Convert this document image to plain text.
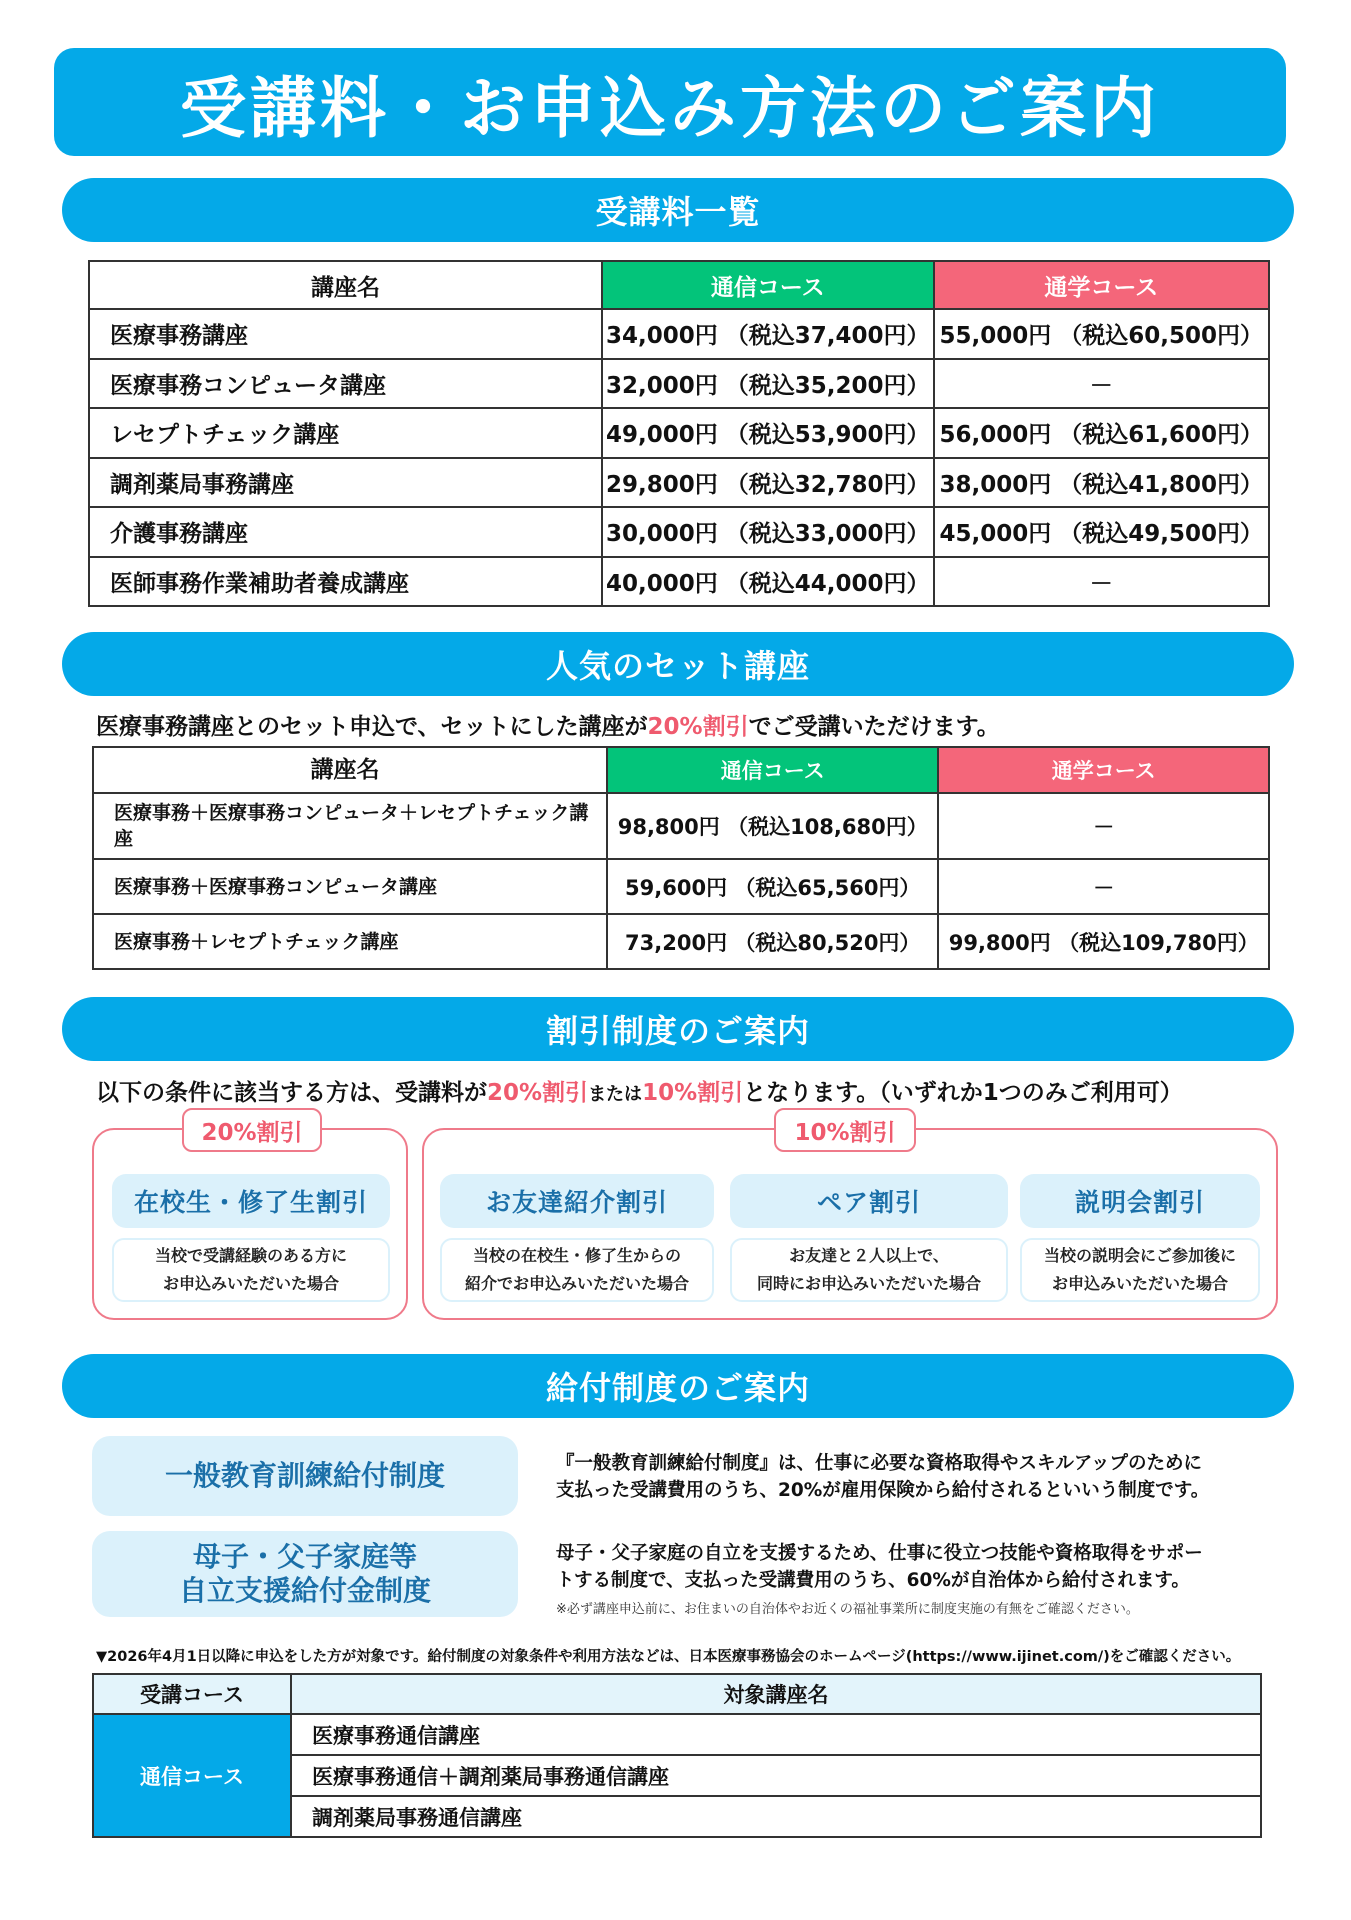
受講料・お申込み方法のご案内
受講料一覧
講座名	通信コース	通学コース
医療事務講座	34,000円 （税込37,400円）	55,000円 （税込60,500円）
医療事務コンピュータ講座	32,000円 （税込35,200円）	－
レセプトチェック講座	49,000円 （税込53,900円）	56,000円 （税込61,600円）
調剤薬局事務講座	29,800円 （税込32,780円）	38,000円 （税込41,800円）
介護事務講座	30,000円 （税込33,000円）	45,000円 （税込49,500円）
医師事務作業補助者養成講座	40,000円 （税込44,000円）	－
人気のセット講座
医療事務講座とのセット申込で、セットにした講座が20%割引でご受講いただけます。
講座名	通信コース	通学コース
医療事務＋医療事務コンピュータ＋レセプトチェック講座	98,800円 （税込108,680円）	－
医療事務＋医療事務コンピュータ講座	59,600円 （税込65,560円）	－
医療事務＋レセプトチェック講座	73,200円 （税込80,520円）	99,800円 （税込109,780円）
割引制度のご案内
以下の条件に該当する方は、受講料が20%割引または10%割引となります。（いずれか1つのみご利用可）
20%割引
在校生・修了生割引
当校で受講経験のある方に
お申込みいただいた場合
10%割引
お友達紹介割引
当校の在校生・修了生からの
紹介でお申込みいただいた場合
ペア割引
お友達と２人以上で、
同時にお申込みいただいた場合
説明会割引
当校の説明会にご参加後に
お申込みいただいた場合
給付制度のご案内
一般教育訓練給付制度	『一般教育訓練給付制度』は、仕事に必要な資格取得やスキルアップのために
支払った受講費用のうち、20%が雇用保険から給付されるといいう制度です。
母子・父子家庭等
自立支援給付金制度
母子・父子家庭の自立を支援するため、仕事に役立つ技能や資格取得をサポー
トする制度で、支払った受講費用のうち、60%が自治体から給付されます。
※必ず講座申込前に、お住まいの自治体やお近くの福祉事業所に制度実施の有無をご確認ください。
▼2026年4月1日以降に申込をした方が対象です。給付制度の対象条件や利用方法などは、日本医療事務協会のホームページ(https://www.ijinet.com/)をご確認ください。
受講コース	対象講座名
通信コース	医療事務通信講座
	医療事務通信＋調剤薬局事務通信講座
	調剤薬局事務通信講座
